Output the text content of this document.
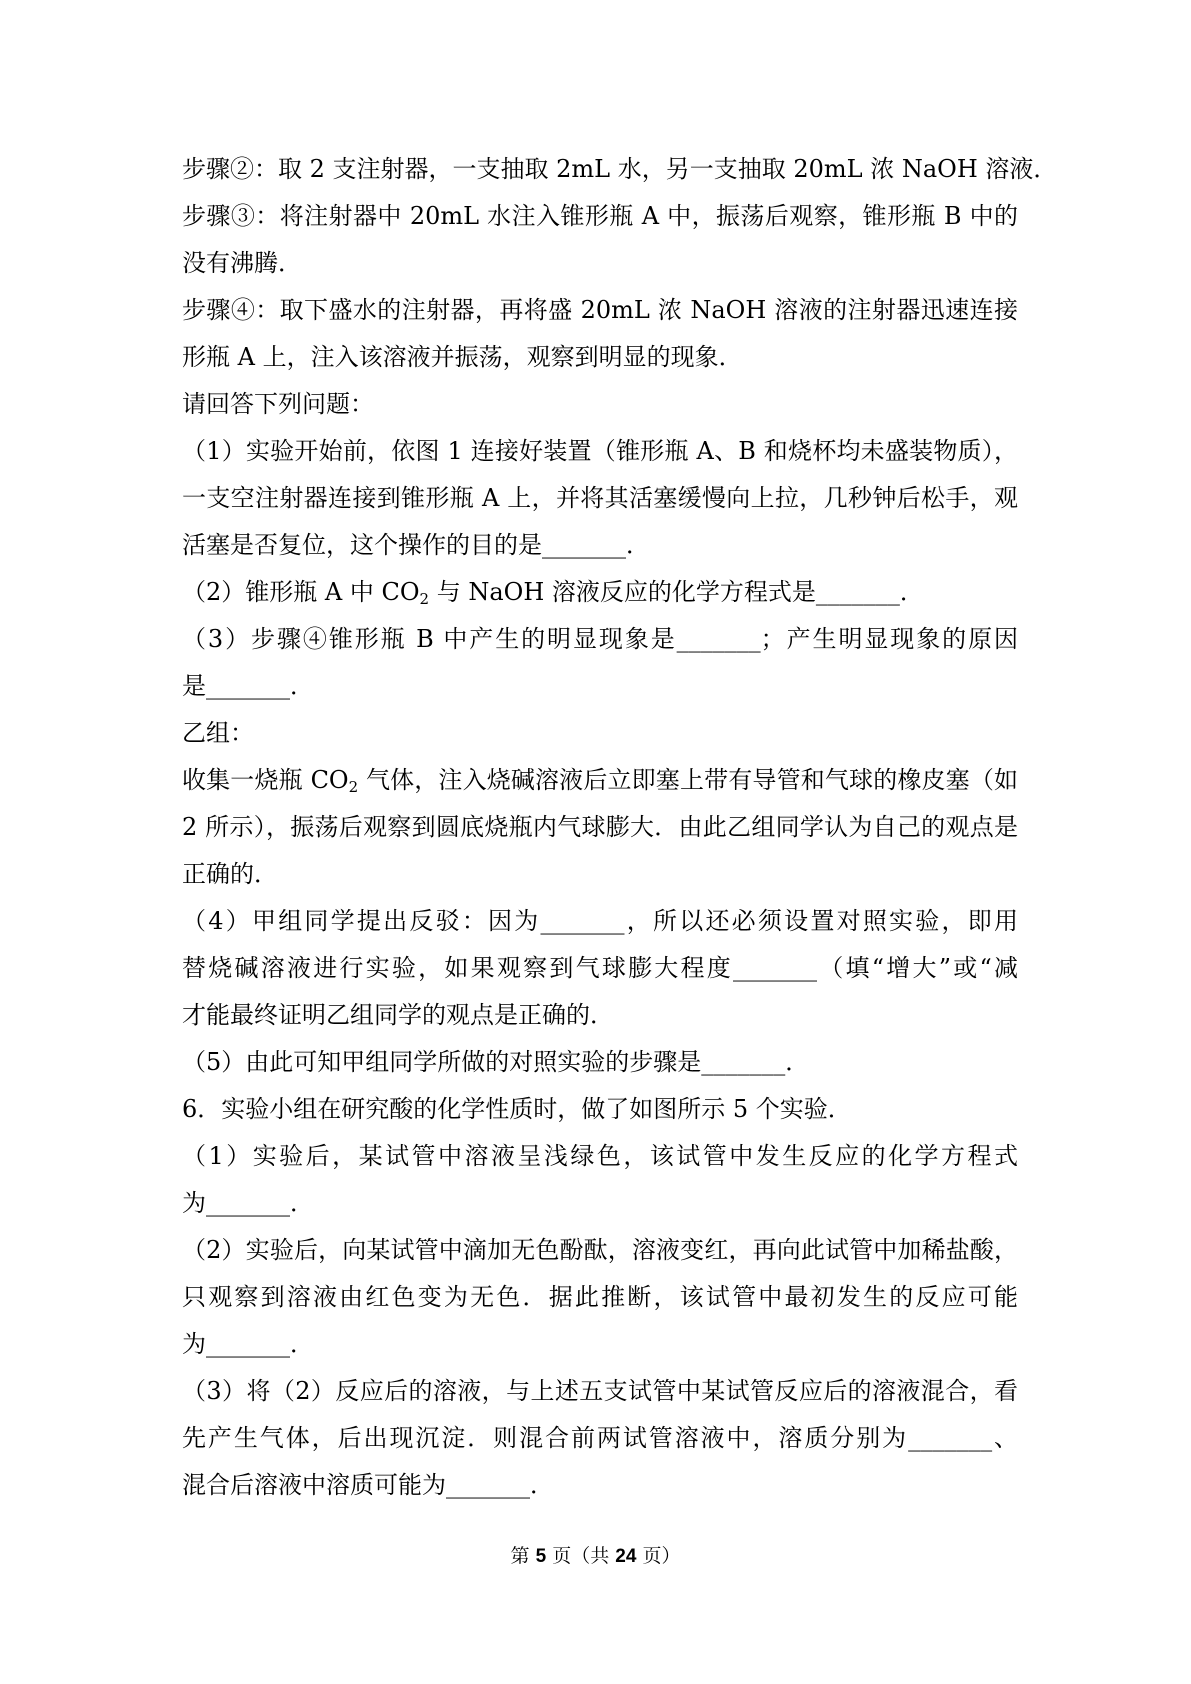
步骤②：取 2 支注射器，一支抽取 2mL 水，另一支抽取 20mL 浓 NaOH 溶液．
步骤③：将注射器中 20mL 水注入锥形瓶 A 中，振荡后观察，锥形瓶 B 中的
没有沸腾．
步骤④：取下盛水的注射器，再将盛 20mL 浓 NaOH 溶液的注射器迅速连接
形瓶 A 上，注入该溶液并振荡，观察到明显的现象．
请回答下列问题：
（1）实验开始前，依图 1 连接好装置（锥形瓶 A、B 和烧杯均未盛装物质），
一支空注射器连接到锥形瓶 A 上，并将其活塞缓慢向上拉，几秒钟后松手，观
活塞是否复位，这个操作的目的是_______．
（2）锥形瓶 A 中 $CO_2$ 与 NaOH 溶液反应的化学方程式是_______．
（3）步骤④锥形瓶 B 中产生的明显现象是_______；产生明显现象的原因
是_______．
乙组：
收集一烧瓶 $CO_2$ 气体，注入烧碱溶液后立即塞上带有导管和气球的橡皮塞（如
2 所示），振荡后观察到圆底烧瓶内气球膨大．由此乙组同学认为自己的观点是
正确的．
（4）甲组同学提出反驳：因为_______，所以还必须设置对照实验，即用
替烧碱溶液进行实验，如果观察到气球膨大程度_______（填“增大”或“减
才能最终证明乙组同学的观点是正确的．
（5）由此可知甲组同学所做的对照实验的步骤是_______．
6．实验小组在研究酸的化学性质时，做了如图所示 5 个实验．
（1）实验后，某试管中溶液呈浅绿色，该试管中发生反应的化学方程式
为_______．
（2）实验后，向某试管中滴加无色酚酞，溶液变红，再向此试管中加稀盐酸，
只观察到溶液由红色变为无色．据此推断，该试管中最初发生的反应可能
为_______．
（3）将（2）反应后的溶液，与上述五支试管中某试管反应后的溶液混合，看
先产生气体，后出现沉淀．则混合前两试管溶液中，溶质分别为_______、
混合后溶液中溶质可能为_______．
第 5 页（共 24 页）
